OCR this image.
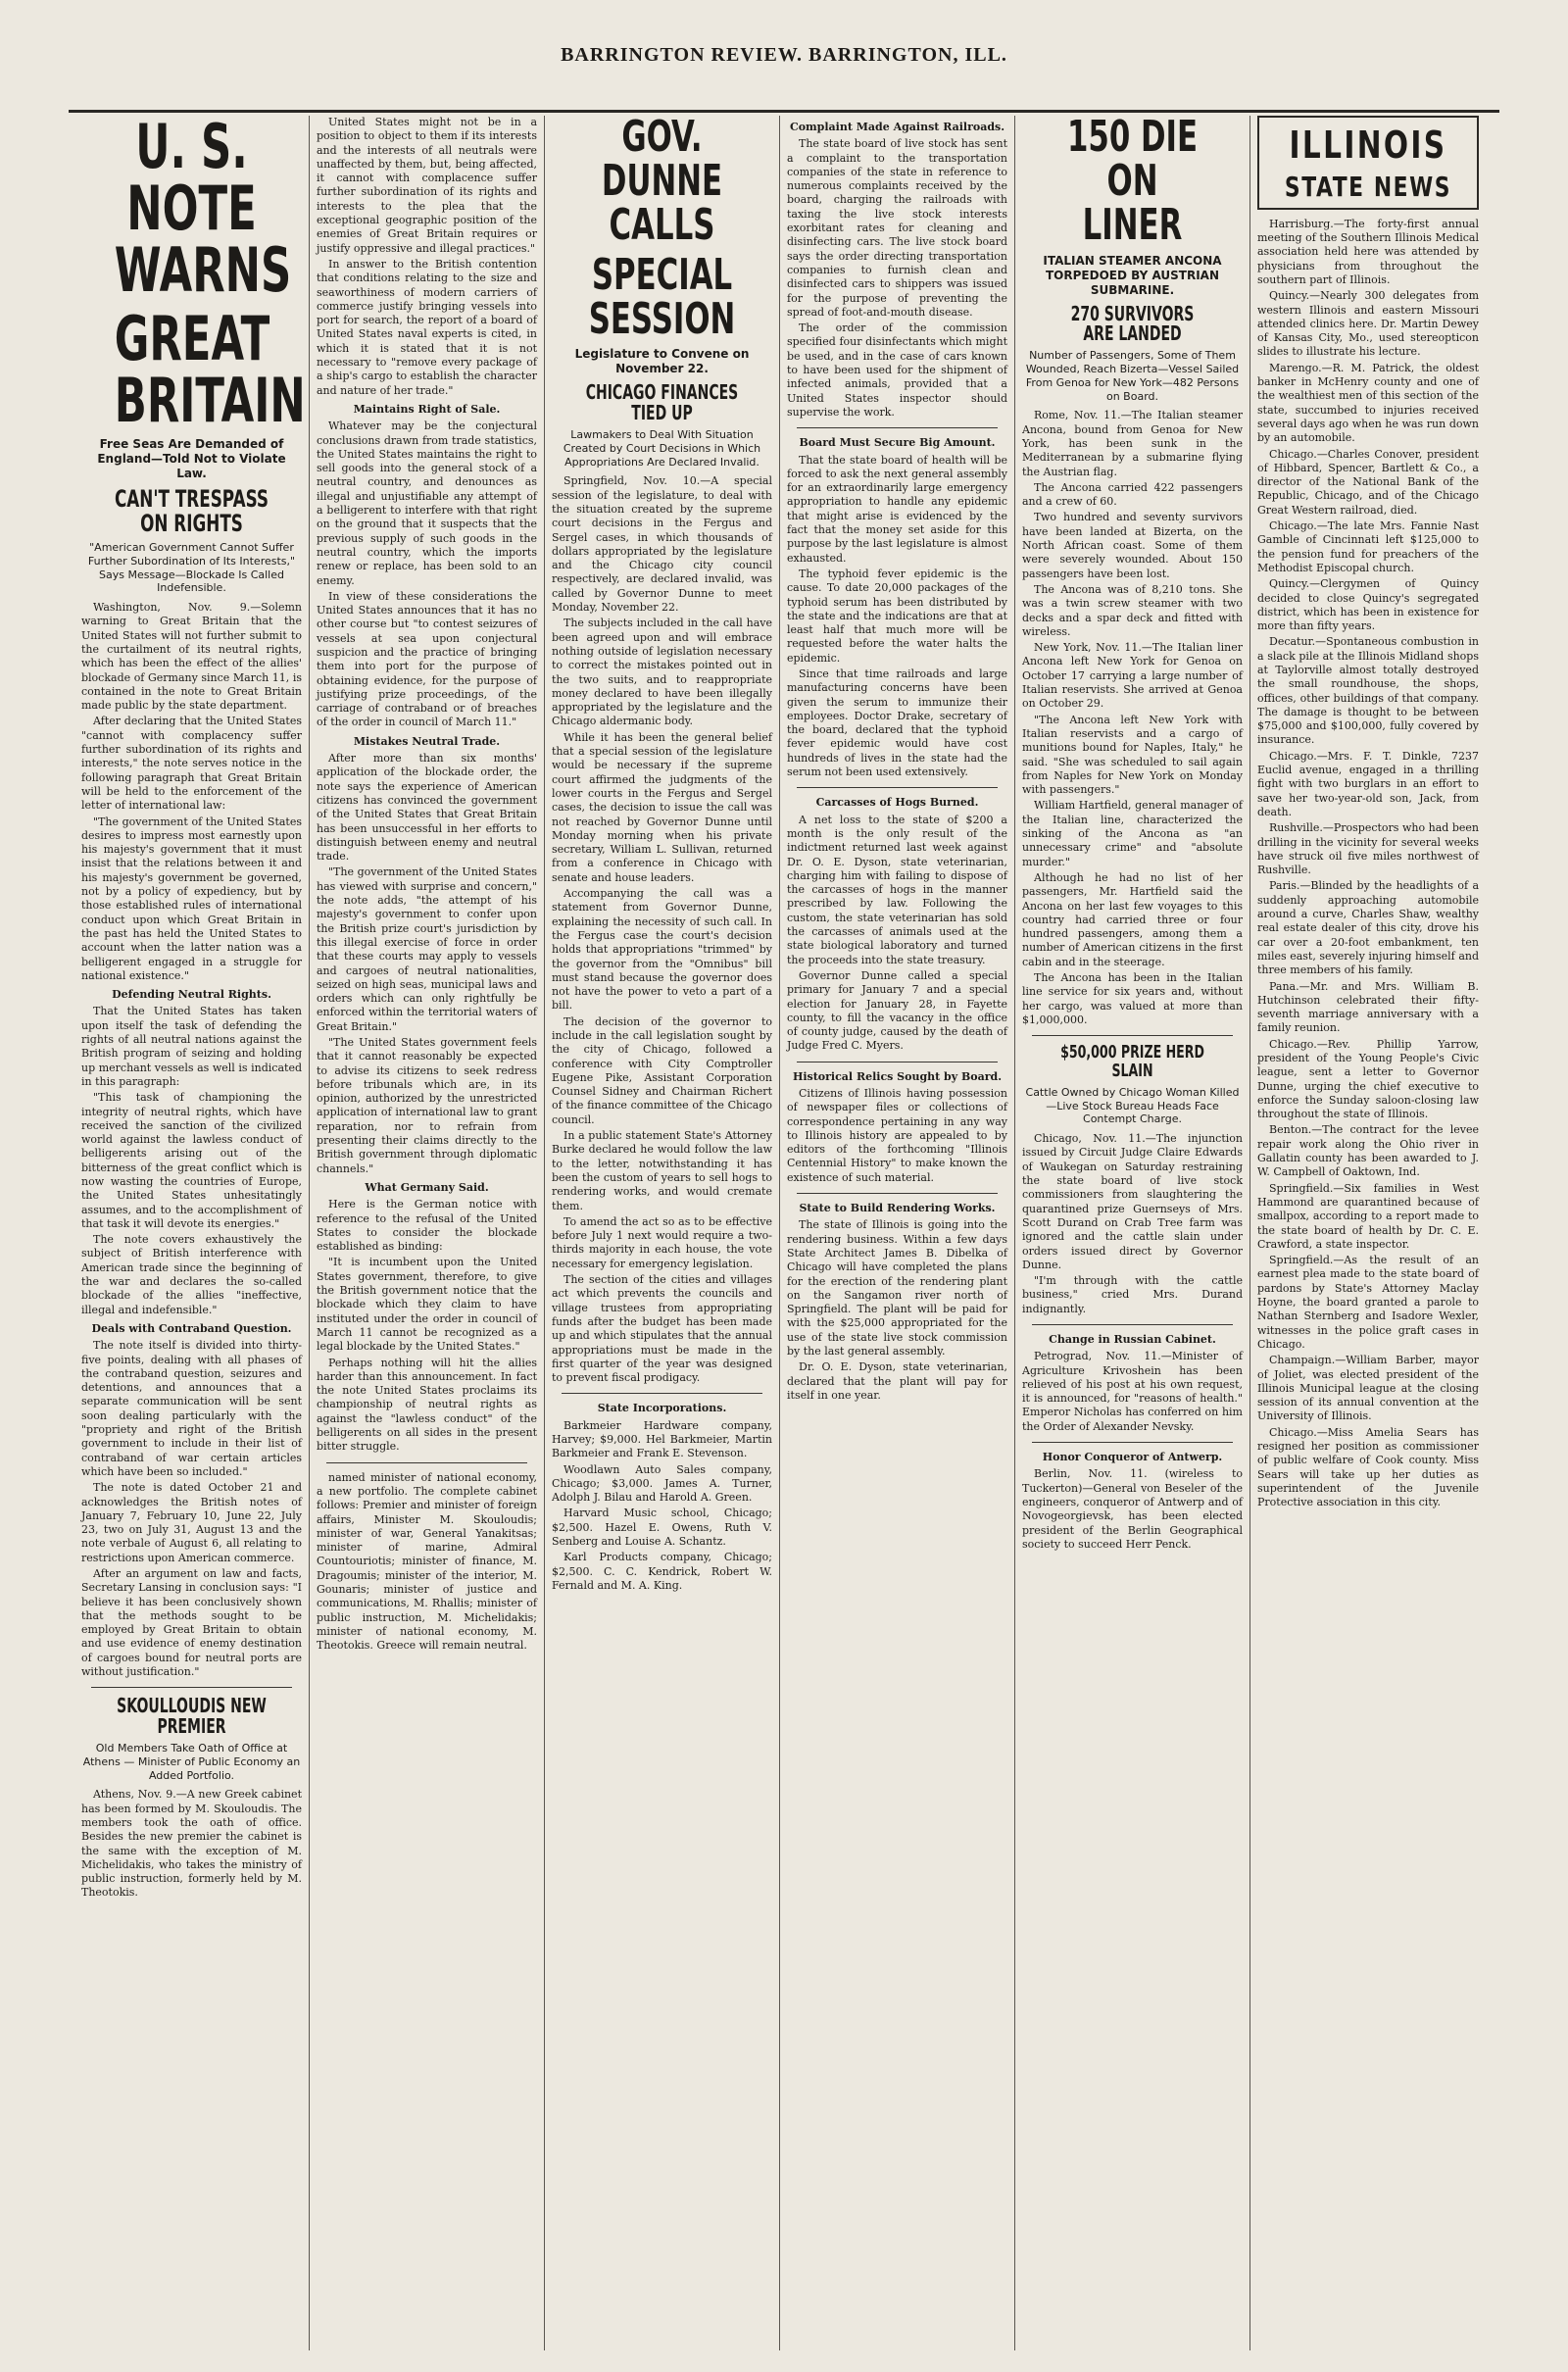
BARRINGTON REVIEW. BARRINGTON, ILL.
U. S. NOTE WARNS
GREAT BRITAIN
Free Seas Are Demanded of England—Told Not to Violate Law.
CAN'T TRESPASS ON RIGHTS
"American Government Cannot Suffer Further Subordination of Its Interests," Says Message—Blockade Is Called Indefensible.

Washington, Nov. 9.—Solemn warning to Great Britain that the United States will not further submit to the curtailment of its neutral rights, which has been the effect of the allies' blockade of Germany since March 11, is contained in the note to Great Britain made public by the state department.

After declaring that the United States "cannot with complacency suffer further subordination of its rights and interests," the note serves notice in the following paragraph that Great Britain will be held to the enforcement of the letter of international law:

"The government of the United States desires to impress most earnestly upon his majesty's government that it must insist that the relations between it and his majesty's government be governed, not by a policy of expediency, but by those established rules of international conduct upon which Great Britain in the past has held the United States to account when the latter nation was a belligerent engaged in a struggle for national existence."

Defending Neutral Rights.

That the United States has taken upon itself the task of defending the rights of all neutral nations against the British program of seizing and holding up merchant vessels as well is indicated in this paragraph:

"This task of championing the integrity of neutral rights, which have received the sanction of the civilized world against the lawless conduct of belligerents arising out of the bitterness of the great conflict which is now wasting the countries of Europe, the United States unhesitatingly assumes, and to the accomplishment of that task it will devote its energies."

The note covers exhaustively the subject of British interference with American trade since the beginning of the war and declares the so-called blockade of the allies "ineffective, illegal and indefensible."

Deals with Contraband Question.

The note itself is divided into thirty-five points, dealing with all phases of the contraband question, seizures and detentions, and announces that a separate communication will be sent soon dealing particularly with the "propriety and right of the British government to include in their list of contraband of war certain articles which have been so included."

The note is dated October 21 and acknowledges the British notes of January 7, February 10, June 22, July 23, two on July 31, August 13 and the note verbale of August 6, all relating to restrictions upon American commerce.

After an argument on law and facts, Secretary Lansing in conclusion says: "I believe it has been conclusively shown that the methods sought to be employed by Great Britain to obtain and use evidence of enemy destination of cargoes bound for neutral ports are without justification."

SKOULLOUDIS NEW PREMIER
Old Members Take Oath of Office at Athens — Minister of Public Economy an Added Portfolio.

Athens, Nov. 9.—A new Greek cabinet has been formed by M. Skouloudis. The members took the oath of office. Besides the new premier the cabinet is the same with the exception of M. Michelidakis, who takes the ministry of public instruction, formerly held by M. Theotokis.

United States might not be in a position to object to them if its interests and the interests of all neutrals were unaffected by them, but, being affected, it cannot with complacence suffer further subordination of its rights and interests to the plea that the exceptional geographic position of the enemies of Great Britain requires or justify oppressive and illegal practices."

In answer to the British contention that conditions relating to the size and seaworthiness of modern carriers of commerce justify bringing vessels into port for search, the report of a board of United States naval experts is cited, in which it is stated that it is not necessary to "remove every package of a ship's cargo to establish the character and nature of her trade."

Maintains Right of Sale.

Whatever may be the conjectural conclusions drawn from trade statistics, the United States maintains the right to sell goods into the general stock of a neutral country, and denounces as illegal and unjustifiable any attempt of a belligerent to interfere with that right on the ground that it suspects that the previous supply of such goods in the neutral country, which the imports renew or replace, has been sold to an enemy.

In view of these considerations the United States announces that it has no other course but "to contest seizures of vessels at sea upon conjectural suspicion and the practice of bringing them into port for the purpose of obtaining evidence, for the purpose of justifying prize proceedings, of the carriage of contraband or of breaches of the order in council of March 11."

Mistakes Neutral Trade.

After more than six months' application of the blockade order, the note says the experience of American citizens has convinced the government of the United States that Great Britain has been unsuccessful in her efforts to distinguish between enemy and neutral trade.

"The government of the United States has viewed with surprise and concern," the note adds, "the attempt of his majesty's government to confer upon the British prize court's jurisdiction by this illegal exercise of force in order that these courts may apply to vessels and cargoes of neutral nationalities, seized on high seas, municipal laws and orders which can only rightfully be enforced within the territorial waters of Great Britain."

"The United States government feels that it cannot reasonably be expected to advise its citizens to seek redress before tribunals which are, in its opinion, authorized by the unrestricted application of international law to grant reparation, nor to refrain from presenting their claims directly to the British government through diplomatic channels."

What Germany Said.

Here is the German notice with reference to the refusal of the United States to consider the blockade established as binding:

"It is incumbent upon the United States government, therefore, to give the British government notice that the blockade which they claim to have instituted under the order in council of March 11 cannot be recognized as a legal blockade by the United States."

Perhaps nothing will hit the allies harder than this announcement. In fact the note United States proclaims its championship of neutral rights as against the "lawless conduct" of the belligerents on all sides in the present bitter struggle.

named minister of national economy, a new portfolio. The complete cabinet follows: Premier and minister of foreign affairs, Minister M. Skouloudis; minister of war, General Yanakitsas; minister of marine, Admiral Countouriotis; minister of finance, M. Dragoumis; minister of the interior, M. Gounaris; minister of justice and communications, M. Rhallis; minister of public instruction, M. Michelidakis; minister of national economy, M. Theotokis. Greece will remain neutral.

GOV. DUNNE CALLS
SPECIAL SESSION
Legislature to Convene on November 22.
CHICAGO FINANCES TIED UP
Lawmakers to Deal With Situation Created by Court Decisions in Which Appropriations Are Declared Invalid.

Springfield, Nov. 10.—A special session of the legislature, to deal with the situation created by the supreme court decisions in the Fergus and Sergel cases, in which thousands of dollars appropriated by the legislature and the Chicago city council respectively, are declared invalid, was called by Governor Dunne to meet Monday, November 22.

The subjects included in the call have been agreed upon and will embrace nothing outside of legislation necessary to correct the mistakes pointed out in the two suits, and to reappropriate money declared to have been illegally appropriated by the legislature and the Chicago aldermanic body.

While it has been the general belief that a special session of the legislature would be necessary if the supreme court affirmed the judgments of the lower courts in the Fergus and Sergel cases, the decision to issue the call was not reached by Governor Dunne until Monday morning when his private secretary, William L. Sullivan, returned from a conference in Chicago with senate and house leaders.

Accompanying the call was a statement from Governor Dunne, explaining the necessity of such call. In the Fergus case the court's decision holds that appropriations "trimmed" by the governor from the "Omnibus" bill must stand because the governor does not have the power to veto a part of a bill.

The decision of the governor to include in the call legislation sought by the city of Chicago, followed a conference with City Comptroller Eugene Pike, Assistant Corporation Counsel Sidney and Chairman Richert of the finance committee of the Chicago council.

In a public statement State's Attorney Burke declared he would follow the law to the letter, notwithstanding it has been the custom of years to sell hogs to rendering works, and would cremate them.

To amend the act so as to be effective before July 1 next would require a two-thirds majority in each house, the vote necessary for emergency legislation.

The section of the cities and villages act which prevents the councils and village trustees from appropriating funds after the budget has been made up and which stipulates that the annual appropriations must be made in the first quarter of the year was designed to prevent fiscal prodigacy.

State Incorporations.

Barkmeier Hardware company, Harvey; $9,000. Hel Barkmeier, Martin Barkmeier and Frank E. Stevenson.

Woodlawn Auto Sales company, Chicago; $3,000. James A. Turner, Adolph J. Bilau and Harold A. Green.

Harvard Music school, Chicago; $2,500. Hazel E. Owens, Ruth V. Senberg and Louise A. Schantz.

Karl Products company, Chicago; $2,500. C. C. Kendrick, Robert W. Fernald and M. A. King.

Complaint Made Against Railroads.

The state board of live stock has sent a complaint to the transportation companies of the state in reference to numerous complaints received by the board, charging the railroads with taxing the live stock interests exorbitant rates for cleaning and disinfecting cars. The live stock board says the order directing transportation companies to furnish clean and disinfected cars to shippers was issued for the purpose of preventing the spread of foot-and-mouth disease.

The order of the commission specified four disinfectants which might be used, and in the case of cars known to have been used for the shipment of infected animals, provided that a United States inspector should supervise the work.

Board Must Secure Big Amount.

That the state board of health will be forced to ask the next general assembly for an extraordinarily large emergency appropriation to handle any epidemic that might arise is evidenced by the fact that the money set aside for this purpose by the last legislature is almost exhausted.

The typhoid fever epidemic is the cause. To date 20,000 packages of the typhoid serum has been distributed by the state and the indications are that at least half that much more will be requested before the water halts the epidemic.

Since that time railroads and large manufacturing concerns have been given the serum to immunize their employees. Doctor Drake, secretary of the board, declared that the typhoid fever epidemic would have cost hundreds of lives in the state had the serum not been used extensively.

Carcasses of Hogs Burned.

A net loss to the state of $200 a month is the only result of the indictment returned last week against Dr. O. E. Dyson, state veterinarian, charging him with failing to dispose of the carcasses of hogs in the manner prescribed by law. Following the custom, the state veterinarian has sold the carcasses of animals used at the state biological laboratory and turned the proceeds into the state treasury.

Governor Dunne called a special primary for January 7 and a special election for January 28, in Fayette county, to fill the vacancy in the office of county judge, caused by the death of Judge Fred C. Myers.

Historical Relics Sought by Board.

Citizens of Illinois having possession of newspaper files or collections of correspondence pertaining in any way to Illinois history are appealed to by editors of the forthcoming "Illinois Centennial History" to make known the existence of such material.

State to Build Rendering Works.

The state of Illinois is going into the rendering business. Within a few days State Architect James B. Dibelka of Chicago will have completed the plans for the erection of the rendering plant on the Sangamon river north of Springfield. The plant will be paid for with the $25,000 appropriated for the use of the state live stock commission by the last general assembly.

Dr. O. E. Dyson, state veterinarian, declared that the plant will pay for itself in one year.

150 DIE ON LINER
ITALIAN STEAMER ANCONA TORPEDOED BY AUSTRIAN SUBMARINE.
270 SURVIVORS ARE LANDED
Number of Passengers, Some of Them Wounded, Reach Bizerta—Vessel Sailed From Genoa for New York—482 Persons on Board.

Rome, Nov. 11.—The Italian steamer Ancona, bound from Genoa for New York, has been sunk in the Mediterranean by a submarine flying the Austrian flag.

The Ancona carried 422 passengers and a crew of 60.

Two hundred and seventy survivors have been landed at Bizerta, on the North African coast. Some of them were severely wounded. About 150 passengers have been lost.

The Ancona was of 8,210 tons. She was a twin screw steamer with two decks and a spar deck and fitted with wireless.

New York, Nov. 11.—The Italian liner Ancona left New York for Genoa on October 17 carrying a large number of Italian reservists. She arrived at Genoa on October 29.

"The Ancona left New York with Italian reservists and a cargo of munitions bound for Naples, Italy," he said. "She was scheduled to sail again from Naples for New York on Monday with passengers."

William Hartfield, general manager of the Italian line, characterized the sinking of the Ancona as "an unnecessary crime" and "absolute murder."

Although he had no list of her passengers, Mr. Hartfield said the Ancona on her last few voyages to this country had carried three or four hundred passengers, among them a number of American citizens in the first cabin and in the steerage.

The Ancona has been in the Italian line service for six years and, without her cargo, was valued at more than $1,000,000.

$50,000 PRIZE HERD SLAIN
Cattle Owned by Chicago Woman Killed—Live Stock Bureau Heads Face Contempt Charge.

Chicago, Nov. 11.—The injunction issued by Circuit Judge Claire Edwards of Waukegan on Saturday restraining the state board of live stock commissioners from slaughtering the quarantined prize Guernseys of Mrs. Scott Durand on Crab Tree farm was ignored and the cattle slain under orders issued direct by Governor Dunne.

"I'm through with the cattle business," cried Mrs. Durand indignantly.

Change in Russian Cabinet.

Petrograd, Nov. 11.—Minister of Agriculture Krivoshein has been relieved of his post at his own request, it is announced, for "reasons of health." Emperor Nicholas has conferred on him the Order of Alexander Nevsky.

Honor Conqueror of Antwerp.

Berlin, Nov. 11. (wireless to Tuckerton)—General von Beseler of the engineers, conqueror of Antwerp and of Novogeorgievsk, has been elected president of the Berlin Geographical society to succeed Herr Penck.

ILLINOIS
STATE NEWS

Harrisburg.—The forty-first annual meeting of the Southern Illinois Medical association held here was attended by physicians from throughout the southern part of Illinois.

Quincy.—Nearly 300 delegates from western Illinois and eastern Missouri attended clinics here. Dr. Martin Dewey of Kansas City, Mo., used stereopticon slides to illustrate his lecture.

Marengo.—R. M. Patrick, the oldest banker in McHenry county and one of the wealthiest men of this section of the state, succumbed to injuries received several days ago when he was run down by an automobile.

Chicago.—Charles Conover, president of Hibbard, Spencer, Bartlett & Co., a director of the National Bank of the Republic, Chicago, and of the Chicago Great Western railroad, died.

Chicago.—The late Mrs. Fannie Nast Gamble of Cincinnati left $125,000 to the pension fund for preachers of the Methodist Episcopal church.

Quincy.—Clergymen of Quincy decided to close Quincy's segregated district, which has been in existence for more than fifty years.

Decatur.—Spontaneous combustion in a slack pile at the Illinois Midland shops at Taylorville almost totally destroyed the small roundhouse, the shops, offices, other buildings of that company. The damage is thought to be between $75,000 and $100,000, fully covered by insurance.

Chicago.—Mrs. F. T. Dinkle, 7237 Euclid avenue, engaged in a thrilling fight with two burglars in an effort to save her two-year-old son, Jack, from death.

Rushville.—Prospectors who had been drilling in the vicinity for several weeks have struck oil five miles northwest of Rushville.

Paris.—Blinded by the headlights of a suddenly approaching automobile around a curve, Charles Shaw, wealthy real estate dealer of this city, drove his car over a 20-foot embankment, ten miles east, severely injuring himself and three members of his family.

Pana.—Mr. and Mrs. William B. Hutchinson celebrated their fifty-seventh marriage anniversary with a family reunion.

Chicago.—Rev. Phillip Yarrow, president of the Young People's Civic league, sent a letter to Governor Dunne, urging the chief executive to enforce the Sunday saloon-closing law throughout the state of Illinois.

Benton.—The contract for the levee repair work along the Ohio river in Gallatin county has been awarded to J. W. Campbell of Oaktown, Ind.

Springfield.—Six families in West Hammond are quarantined because of smallpox, according to a report made to the state board of health by Dr. C. E. Crawford, a state inspector.

Springfield.—As the result of an earnest plea made to the state board of pardons by State's Attorney Maclay Hoyne, the board granted a parole to Nathan Sternberg and Isadore Wexler, witnesses in the police graft cases in Chicago.

Champaign.—William Barber, mayor of Joliet, was elected president of the Illinois Municipal league at the closing session of its annual convention at the University of Illinois.

Chicago.—Miss Amelia Sears has resigned her position as commissioner of public welfare of Cook county. Miss Sears will take up her duties as superintendent of the Juvenile Protective association in this city.
